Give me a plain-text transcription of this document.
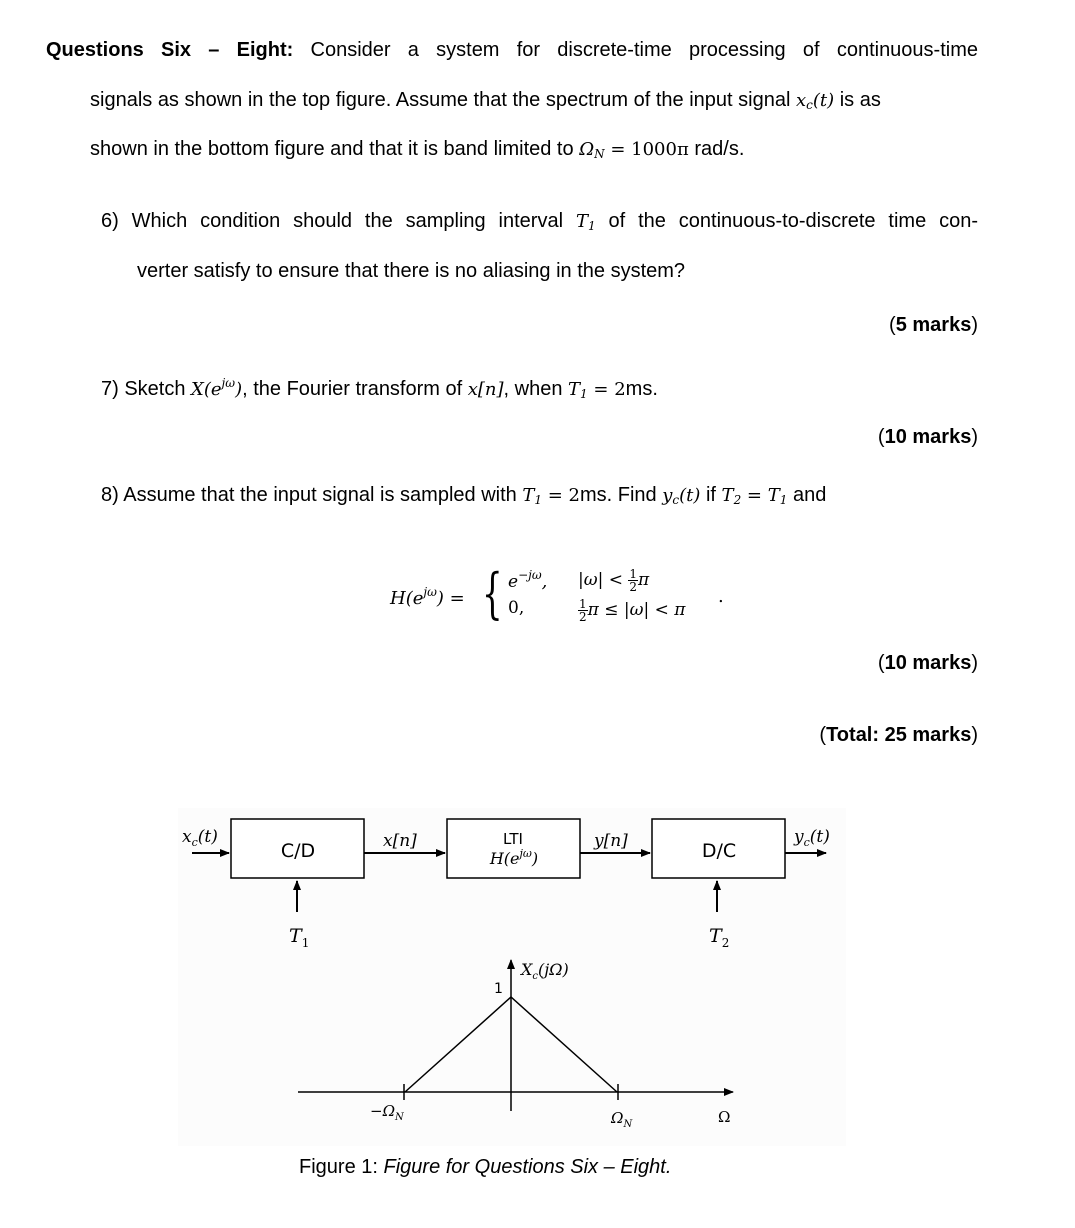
Questions Six – Eight: Consider a system for discrete-time processing of continuous-time
signals as shown in the top figure. Assume that the spectrum of the input signal $x_c(t)$ is as
shown in the bottom figure and that it is band limited to $\Omega_N = 1000\pi$ rad/s.
6) Which condition should the sampling interval $T_1$ of the continuous-to-discrete time con-
verter satisfy to ensure that there is no aliasing in the system?
(5 marks)
7) Sketch $X(e^{j\omega})$, the Fourier transform of x[n], when $T_1 = 2ms$.
(10 marks)
8) Assume that the input signal is sampled with $T_1 = 2ms$. Find $y_c(t)$ if $T_2 = T_1$ and
$H(e^{j\omega})$ = { $e^{-j\omega}$, $|\omega| < \frac{1}{2}$ π
0,	$\frac{1}{2}$ π ≤ |ω| < π
.
(10 marks)
(Total: 25 marks)
$x_c(t)$
C/D
$T_1$
x[n]	LTI
$H(e^{j\omega})$
y[n]	D/C
$T_2$
$y_c(t)$
$X_c(j\Omega)$
1
$-\Omega_N$	$\Omega_N$	Ω
Figure 1: Figure for Questions Six – Eight.
